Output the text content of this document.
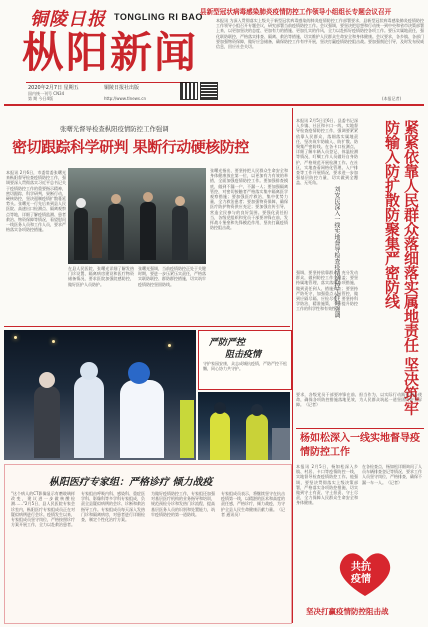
铜陵日报 TONGLING RI BAO
枞阳新闻
2020年2月7日 星期五
国内统一刊号 CN34
第 期 今日4版
铜陵日报社出版
http://www.tlnews.cn
县新型冠状病毒感染肺炎疫情防控工作领导小组组长专题会议召开
本报讯 为深入贯彻落实上级关于新型冠状病毒感染的肺炎疫情防控工作部署要求，县新型冠状病毒感染肺炎疫情防控工作领导小组召开专题会议，研究部署当前疫情防控工作。会议强调，要坚决把思想和行动统一到中央和省市决策部署上来，以更加坚决的态度、更加有力的措施、更加扎实的作风，全力以赴抓好疫情防控各项工作。要压实属地责任，强化联防联控，严格落实排查、隔离、救治等措施，切实维护人民群众生命安全和身体健康。会议要求，各乡镇、各部门要加强物资保障，做好应急储备，确保防控工作有序开展，坚决打赢疫情防控阻击战。要加强舆论引导，及时发布权威信息，回应社会关切。
(本报记者)
张曙光督导检查枞阳疫情防控工作强调
密切跟踪科学研判 果断行动硬核防控
本报讯 2月6日，市委常委张曙光来枞阳督导检查疫情防控工作，强调要深入贯彻落实习近平总书记关于疫情防控工作的重要指示精神，密切跟踪，科学研判，果断行动，硬核防控，坚决遏制疫情扩散蔓延势头。张曙光一行先后来到县人民医院、高速出口检测点、隔离观察点等地，详细了解疫情监测、患者救治、物资保障等情况，看望慰问一线医务人员和工作人员，要求严格落实各项防控措施。
在县人民医院，张曙光详细了解发热门诊设置、隔离病房建设和医疗物资储备情况，要求医院加强院感防控，做好医护人员防护。
张曙光强调，当前疫情防控正处于关键时期，要进一步压紧压实责任，严格落实联防联控、群防群控措施，切实筑牢疫情防控坚固防线。
张曙光指出，要坚持把人民群众生命安全和身体健康放在第一位，以更加有力有效的举措，全面加强疫情防控工作。要加强排查摸底，做到不漏一户、不漏一人；要加强隔离管控，对密切接触者严格落实集中隔离医学观察措施；要加强医疗救治，集中优势力量，全力救治患者；要加强物资保障，确保医疗防护物资供应充足；要加强宣传引导，营造全民参与的良好氛围。要强化责任担当，各级党组织和党员干部要冲锋在前，发挥战斗堡垒和先锋模范作用，坚决打赢疫情防控阻击战。
本报讯 2月5日至6日，县委书记深入乡镇、社区和卡口一线，实地督导检查疫情防控工作，强调要紧紧依靠人民群众，落细落实属地责任，坚决筑牢防输入、防扩散、防聚集严密防线。在各卡口检测点，详细了解车辆人员登记、体温检测等情况，叮嘱工作人员做好自身防护，严格规范开展检测工作。在社区，实地查看网格化管理、入户排查等工作开展情况，要求进一步加强基层防控力量，切实做到全覆盖、无死角。	紧紧依靠人民群众落细落实属地责任 坚决筑牢防输入防扩散防聚集严密防线
刘安民深入一线实地督导检查疫情防控工作时强调
强调，要坚持依靠群众，充分发动群众，做到防控工作全覆盖；要坚持属地管理，落实落细各项措施，做到责任到人、措施到位；要坚持严防死守，加强重点人员管控，做到应隔尽隔、应检尽检；要坚持科学防治，精准施策，不断提升防控工作的科学性和有效性。
要求，各级党员干部要冲锋在前、担当作为，以实际行动践行初心使命，确保各项防控措施落地见效，为人民群众筑起一道坚固的安全屏障。（记者）
严防严控
阻击疫情
守护家园安康，众志成城抗疫情，严防严控不松懈，同心协力共守护。
杨如松深入一线实地督导疫情防控工作
本报讯 2月5日，杨如松深入乡镇、村居、卡口等疫情防控一线，实地督导检查疫情防控工作。他强调，要坚决贯彻落实上级决策部署，严格落实各项防控措施，切实做到守土有责、守土担责、守土尽责，全力保障人民群众生命安全和身体健康。
在各检查点，杨如松详细询问了人员车辆排查登记等情况，要求工作人员坚守岗位，严格排查，确保不漏一车一人。（记者）
枞阳医疗专家组：严格诊疗 倾力战疫
"这个病人的CT影像显示有磨玻璃样改变，建议进一步做核酸检测……"2月5日，县人民医院专家会诊室内，枞阳医疗专家组成员正在对疑似病例进行会诊。疫情发生以来，专家组成员坚守岗位，严格按照诊疗方案开展工作，全力以赴救治患者。
专家组由呼吸内科、感染科、重症医学科、影像科等多学科专家组成，负责全县疑似病例的会诊、诊断和救治指导工作。专家组成员每天深入发热门诊和隔离病房，对患者进行详细检查，制定个性化治疗方案。
为做好疫情防控工作，专家组还加强对基层医疗机构的业务指导和培训，规范预检分诊和发热门诊流程，提高基层医务人员的识别和处置能力，筑牢疫情防控的第一道防线。
专家组成员表示，将继续坚守在抗击疫情第一线，以精湛的医术和高度的责任感，严格诊疗，倾力战疫，为守护全县人民生命健康贡献力量。（记者 通讯员）
共抗
疫情
坚决打赢疫情防控阻击战
